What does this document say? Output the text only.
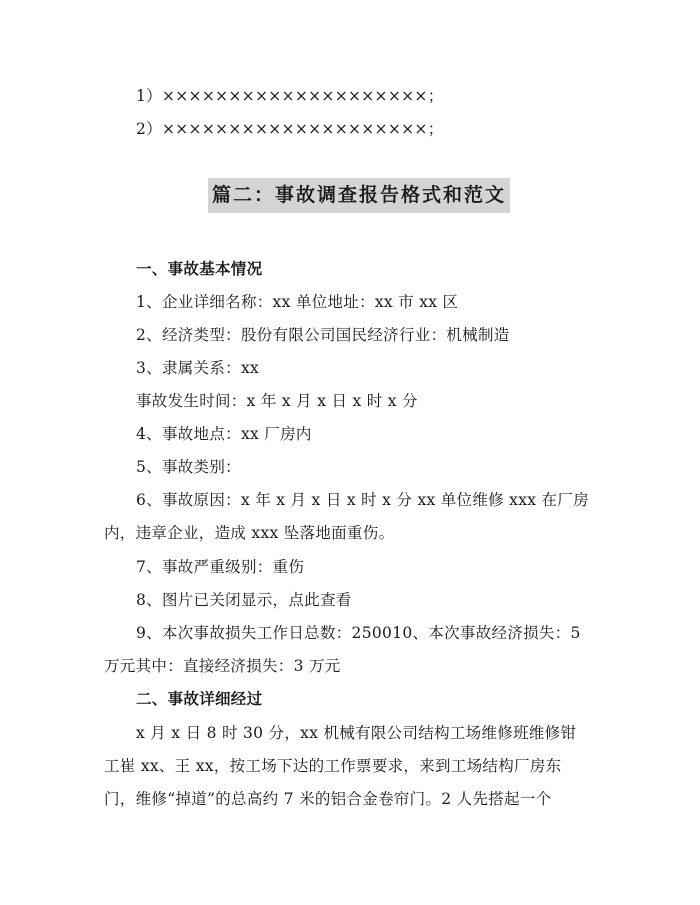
1）××××××××××××××××××××；
2）××××××××××××××××××××；
篇二：事故调查报告格式和范文
一、事故基本情况
1、企业详细名称：xx 单位地址：xx 市 xx 区
2、经济类型：股份有限公司国民经济行业：机械制造
3、隶属关系：xx
事故发生时间：x 年 x 月 x 日 x 时 x 分
4、事故地点：xx 厂房内
5、事故类别：
6、事故原因：x 年 x 月 x 日 x 时 x 分 xx 单位维修 xxx 在厂房
内，违章企业，造成 xxx 坠落地面重伤。
7、事故严重级别：重伤
8、图片已关闭显示，点此查看
9、本次事故损失工作日总数：250010、本次事故经济损失：5
万元其中：直接经济损失：3 万元
二、事故详细经过
x 月 x 日 8 时 30 分，xx 机械有限公司结构工场维修班维修钳
工崔 xx、王 xx，按工场下达的工作票要求，来到工场结构厂房东
门，维修“掉道”的总高约 7 米的铝合金卷帘门。2 人先搭起一个
